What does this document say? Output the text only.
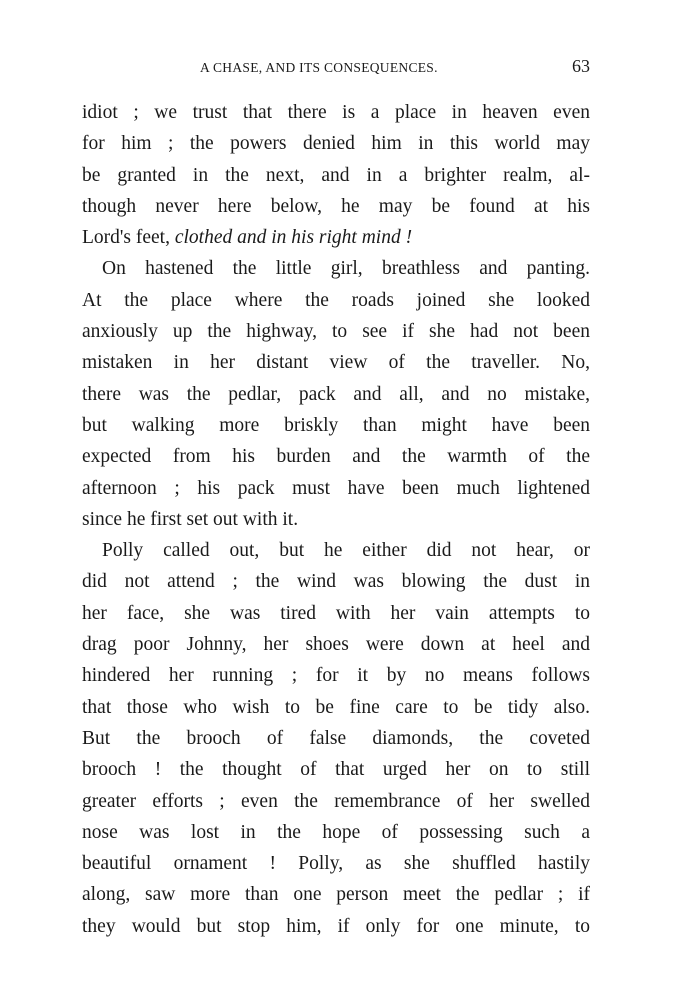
A CHASE, AND ITS CONSEQUENCES.	63
idiot ; we trust that there is a place in heaven even
for him ; the powers denied him in this world may
be granted in the next, and in a brighter realm, al-
though never here below, he may be found at his
Lord's feet, clothed and in his right mind !
On hastened the little girl, breathless and panting.
At the place where the roads joined she looked
anxiously up the highway, to see if she had not been
mistaken in her distant view of the traveller. No,
there was the pedlar, pack and all, and no mistake,
but walking more briskly than might have been
expected from his burden and the warmth of the
afternoon ; his pack must have been much lightened
since he first set out with it.
Polly called out, but he either did not hear, or
did not attend ; the wind was blowing the dust in
her face, she was tired with her vain attempts to
drag poor Johnny, her shoes were down at heel and
hindered her running ; for it by no means follows
that those who wish to be fine care to be tidy also.
But the brooch of false diamonds, the coveted
brooch ! the thought of that urged her on to still
greater efforts ; even the remembrance of her swelled
nose was lost in the hope of possessing such a
beautiful ornament ! Polly, as she shuffled hastily
along, saw more than one person meet the pedlar ; if
they would but stop him, if only for one minute, to
